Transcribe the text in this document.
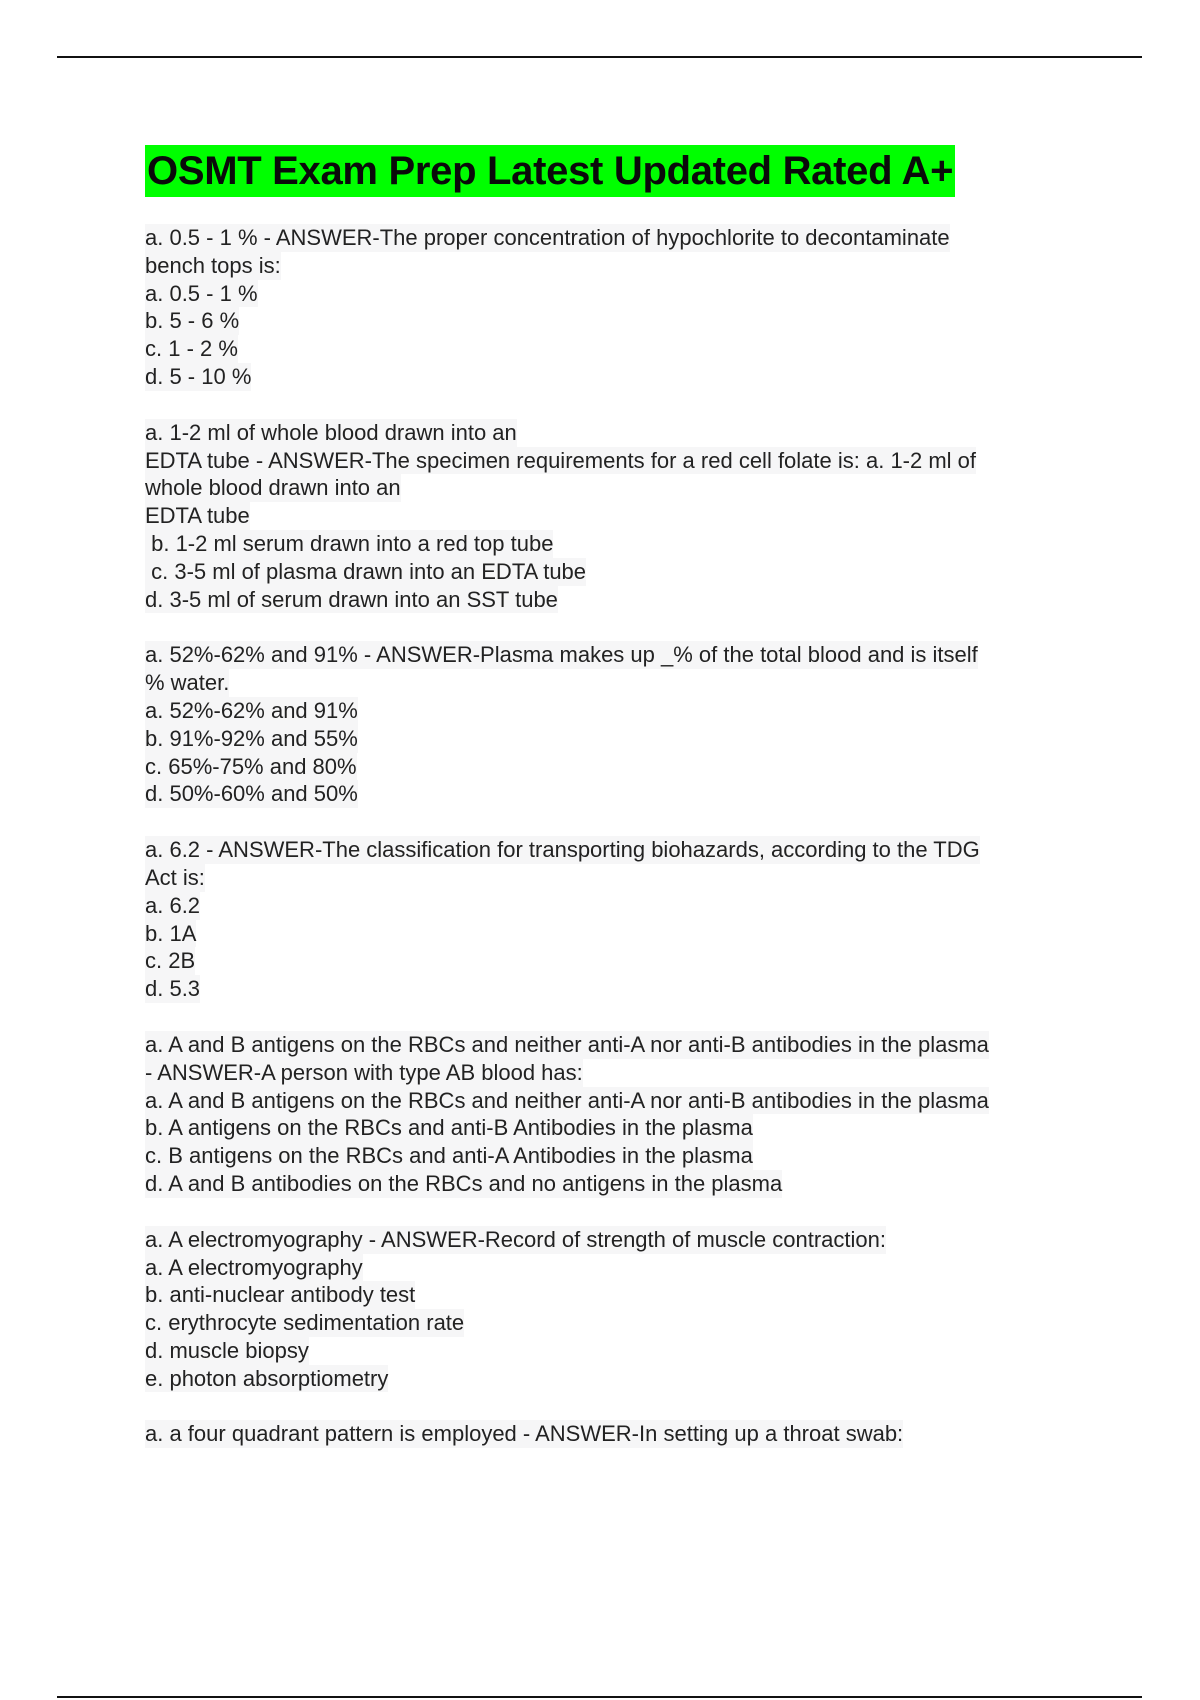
OSMT Exam Prep Latest Updated Rated A+
a. 0.5 - 1 % - ANSWER-The proper concentration of hypochlorite to decontaminate
bench tops is:
a. 0.5 - 1 %
b. 5 - 6 %
c. 1 - 2 %
d. 5 - 10 %
a. 1-2 ml of whole blood drawn into an
EDTA tube - ANSWER-The specimen requirements for a red cell folate is: a. 1-2 ml of
whole blood drawn into an
EDTA tube
b. 1-2 ml serum drawn into a red top tube
c. 3-5 ml of plasma drawn into an EDTA tube
d. 3-5 ml of serum drawn into an SST tube
a. 52%-62% and 91% - ANSWER-Plasma makes up _% of the total blood and is itself
% water.
a. 52%-62% and 91%
b. 91%-92% and 55%
c. 65%-75% and 80%
d. 50%-60% and 50%
a. 6.2 - ANSWER-The classification for transporting biohazards, according to the TDG
Act is:
a. 6.2
b. 1A
c. 2B
d. 5.3
a. A and B antigens on the RBCs and neither anti-A nor anti-B antibodies in the plasma
- ANSWER-A person with type AB blood has:
a. A and B antigens on the RBCs and neither anti-A nor anti-B antibodies in the plasma
b. A antigens on the RBCs and anti-B Antibodies in the plasma
c. B antigens on the RBCs and anti-A Antibodies in the plasma
d. A and B antibodies on the RBCs and no antigens in the plasma
a. A electromyography - ANSWER-Record of strength of muscle contraction:
a. A electromyography
b. anti-nuclear antibody test
c. erythrocyte sedimentation rate
d. muscle biopsy
e. photon absorptiometry
a. a four quadrant pattern is employed - ANSWER-In setting up a throat swab:
